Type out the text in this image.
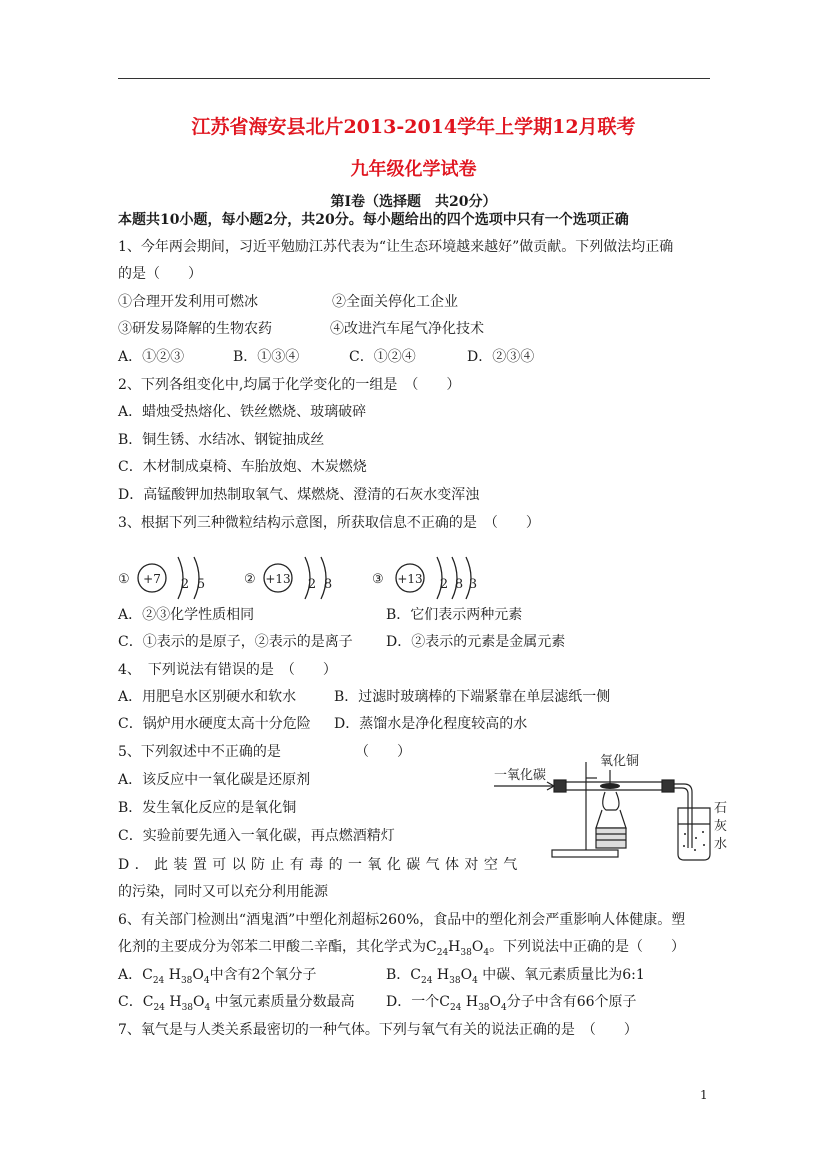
江苏省海安县北片2013-2014学年上学期12月联考
九年级化学试卷
第Ⅰ卷（选择题　共20分）
本题共10小题，每小题2分，共20分。每小题给出的四个选项中只有一个选项正确
1、今年两会期间，习近平勉励江苏代表为“让生态环境越来越好”做贡献。下列做法均正确
的是（　　）
①合理开发利用可燃冰	②全面关停化工企业
③研发易降解的生物农药	④改进汽车尾气净化技术
A．①②③	B．①③④	C．①②④	D．②③④
2、下列各组变化中,均属于化学变化的一组是　（　　）
A．蜡烛受热熔化、铁丝燃烧、玻璃破碎
B．铜生锈、水结冰、钢锭抽成丝
C．木材制成桌椅、车胎放炮、木炭燃烧
D．高锰酸钾加热制取氧气、煤燃烧、澄清的石灰水变浑浊
3、根据下列三种微粒结构示意图，所获取信息不正确的是　（　　）
① +7 2 5	② +13 2 8	③ +13 2 8 3
A．②③化学性质相同	B．它们表示两种元素
C．①表示的是原子，②表示的是离子 D．②表示的元素是金属元素
4、　下列说法有错误的是　（　　）
A．用肥皂水区别硬水和软水	B．过滤时玻璃棒的下端紧靠在单层滤纸一侧
C．锅炉用水硬度太高十分危险 D．蒸馏水是净化程度较高的水
5、下列叙述中不正确的是	（　　）
A．该反应中一氧化碳是还原剂
B．发生氧化反应的是氧化铜
C．实验前要先通入一氧化碳，再点燃酒精灯
D．此装置可以防止有毒的一氧化碳气体对空气
的污染，同时又可以充分利用能源
一氧化碳
氧化铜
石
灰
水
6、有关部门检测出“酒鬼酒”中塑化剂超标260%，食品中的塑化剂会严重影响人体健康。塑
化剂的主要成分为邻苯二甲酸二辛酯，其化学式为$C_{24}H_{38}O_4$。下列说法中正确的是（　　）
A．$C_{24}$ $H_{38}O_4$中含有2个氧分子	B．$C_{24}$ $H_{38}O_4$ 中碳、氧元素质量比为6:1
C．$C_{24}$ $H_{38}O_4$ 中氢元素质量分数最高 D．一个$C_{24}$ $H_{38}O_4$分子中含有66个原子
7、氧气是与人类关系最密切的一种气体。下列与氧气有关的说法正确的是　（　　）
1
